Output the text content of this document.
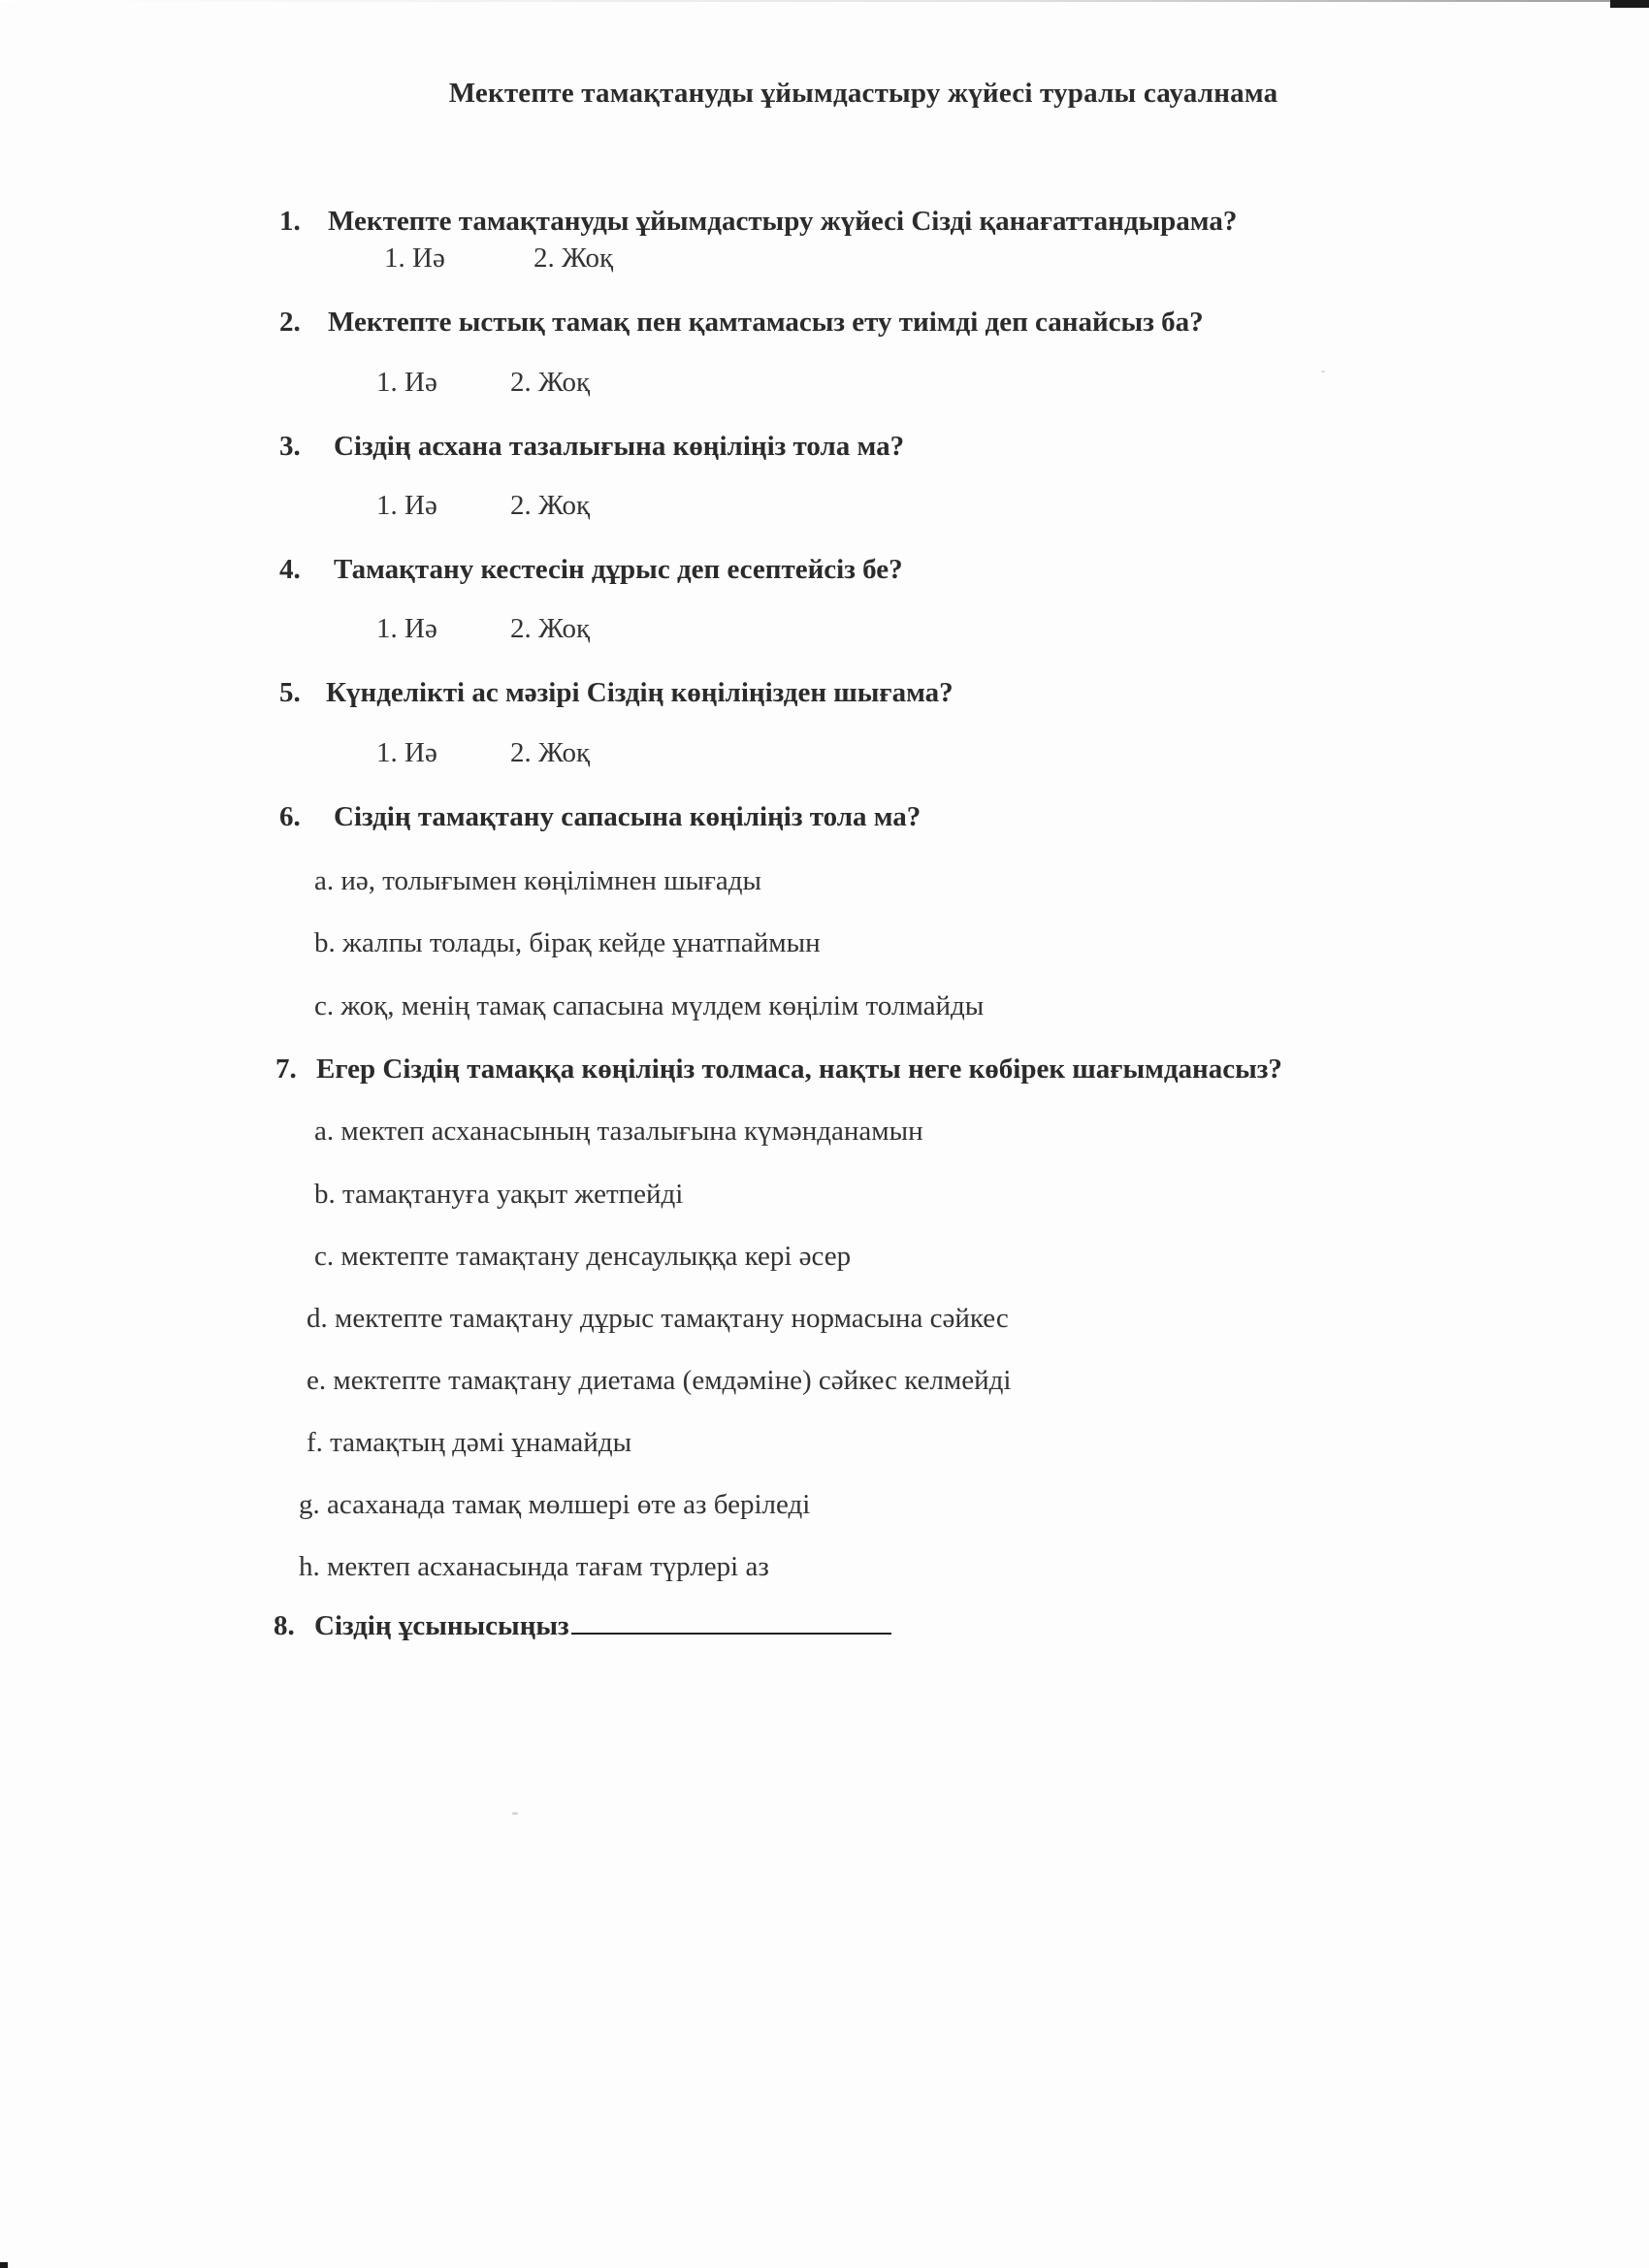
Мектепте тамақтануды ұйымдастыру жүйесі туралы сауалнама
1. Мектепте тамақтануды ұйымдастыру жүйесі Сізді қанағаттандырама?
1. Иә	2. Жоқ
2. Мектепте ыстық тамақ пен қамтамасыз ету тиімді деп санайсыз ба?
1. Иә	2. Жоқ
3. Сіздің асхана тазалығына көңіліңіз тола ма?
1. Иә	2. Жоқ
4. Тамақтану кестесін дұрыс деп есептейсіз бе?
1. Иә	2. Жоқ
5. Күнделікті ас мәзірі Сіздің көңіліңізден шығама?
1. Иә	2. Жоқ
6. Сіздің тамақтану сапасына көңіліңіз тола ма?
a. иә, толығымен көңілімнен шығады
b. жалпы толады, бірақ кейде ұнатпаймын
c. жоқ, менің тамақ сапасына мүлдем көңілім толмайды
7. Егер Сіздің тамаққа көңіліңіз толмаса, нақты неге көбірек шағымданасыз?
a. мектеп асханасының тазалығына күмәнданамын
b. тамақтануға уақыт жетпейді
c. мектепте тамақтану денсаулыққа кері әсер
d. мектепте тамақтану дұрыс тамақтану нормасына сәйкес
e. мектепте тамақтану диетама (емдәміне) сәйкес келмейді
f. тамақтың дәмі ұнамайды
g. асаханада тамақ мөлшері өте аз беріледі
h. мектеп асханасында тағам түрлері аз
8. Сіздің ұсынысыңыз
